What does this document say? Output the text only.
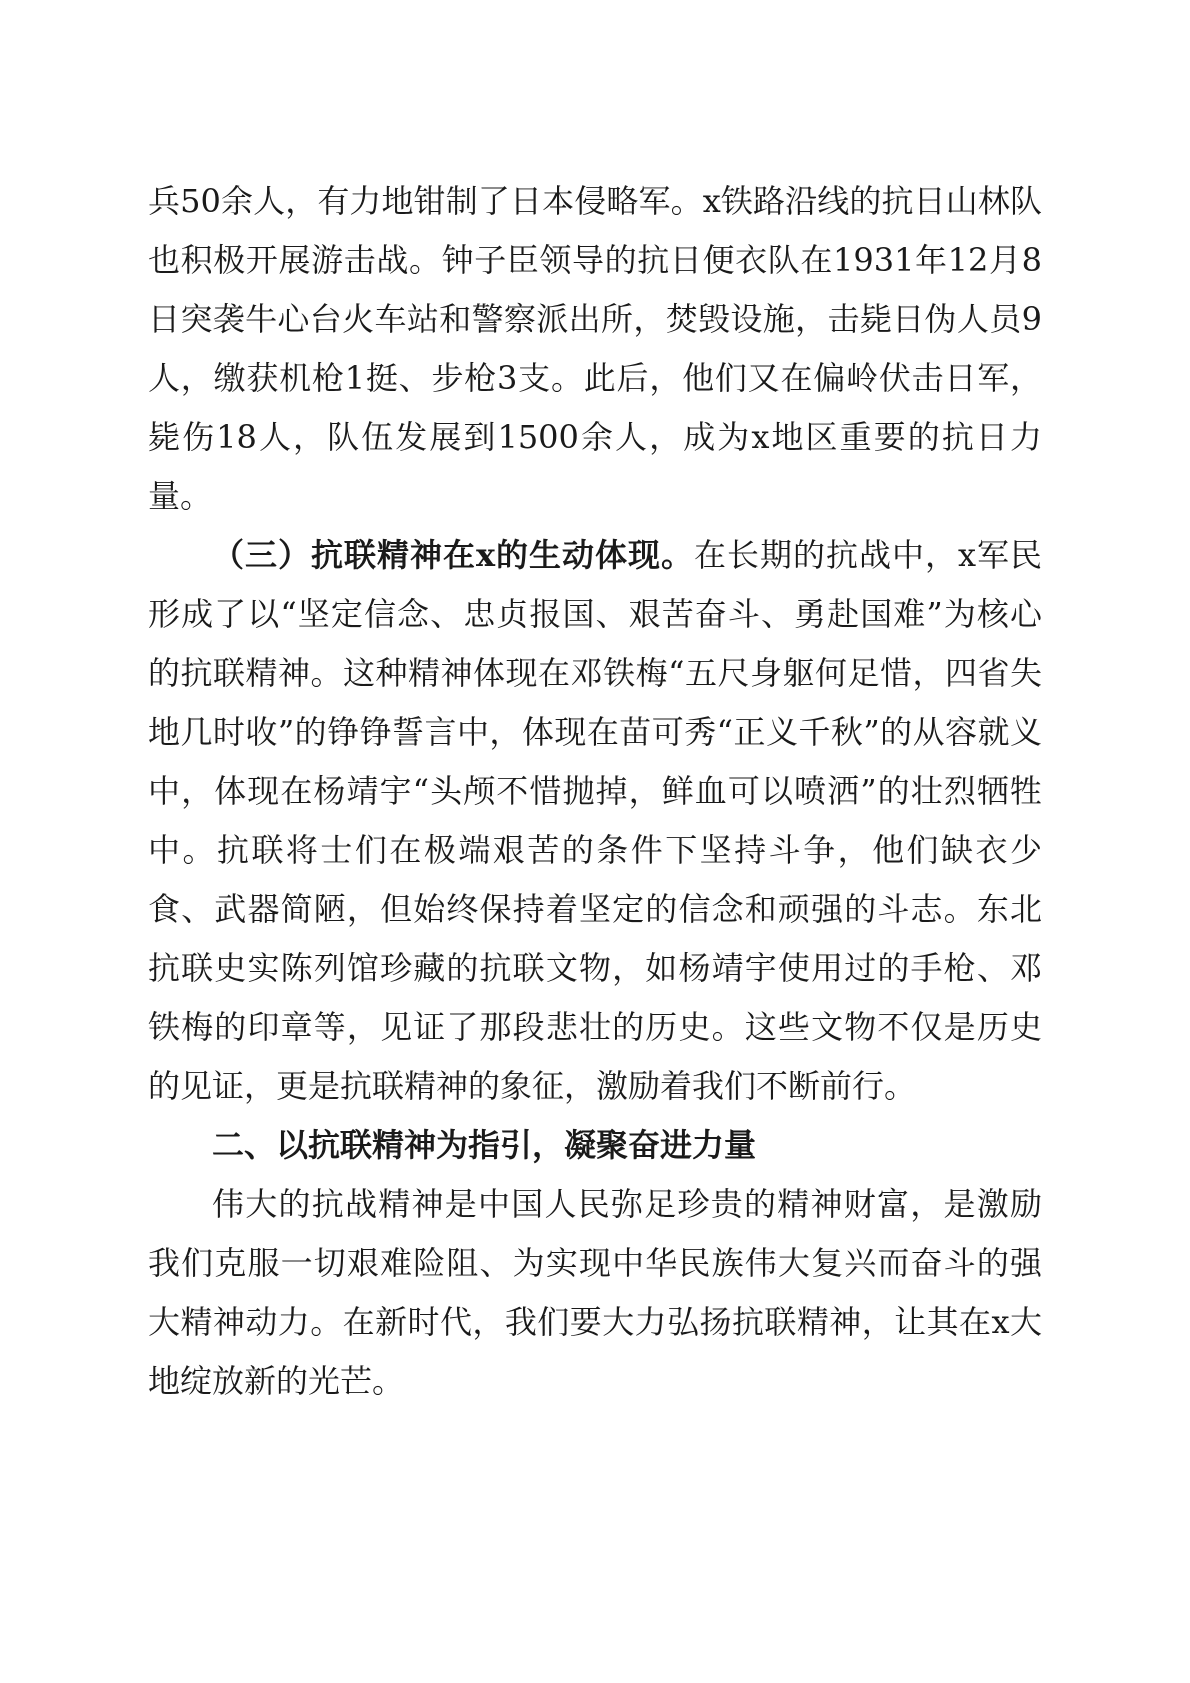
兵50余人，有力地钳制了日本侵略军。x铁路沿线的抗日山林队也积极开展游击战。钟子臣领导的抗日便衣队在1931年12月8日突袭牛心台火车站和警察派出所，焚毁设施，击毙日伪人员9人，缴获机枪1挺、步枪3支。此后，他们又在偏岭伏击日军，毙伤18人，队伍发展到1500余人，成为x地区重要的抗日力量。

（三）抗联精神在x的生动体现。在长期的抗战中，x军民形成了以“坚定信念、忠贞报国、艰苦奋斗、勇赴国难”为核心的抗联精神。这种精神体现在邓铁梅“五尺身躯何足惜，四省失地几时收”的铮铮誓言中，体现在苗可秀“正义千秋”的从容就义中，体现在杨靖宇“头颅不惜抛掉，鲜血可以喷洒”的壮烈牺牲中。抗联将士们在极端艰苦的条件下坚持斗争，他们缺衣少食、武器简陋，但始终保持着坚定的信念和顽强的斗志。东北抗联史实陈列馆珍藏的抗联文物，如杨靖宇使用过的手枪、邓铁梅的印章等，见证了那段悲壮的历史。这些文物不仅是历史的见证，更是抗联精神的象征，激励着我们不断前行。

二、以抗联精神为指引，凝聚奋进力量

伟大的抗战精神是中国人民弥足珍贵的精神财富，是激励我们克服一切艰难险阻、为实现中华民族伟大复兴而奋斗的强大精神动力。在新时代，我们要大力弘扬抗联精神，让其在x大地绽放新的光芒。
